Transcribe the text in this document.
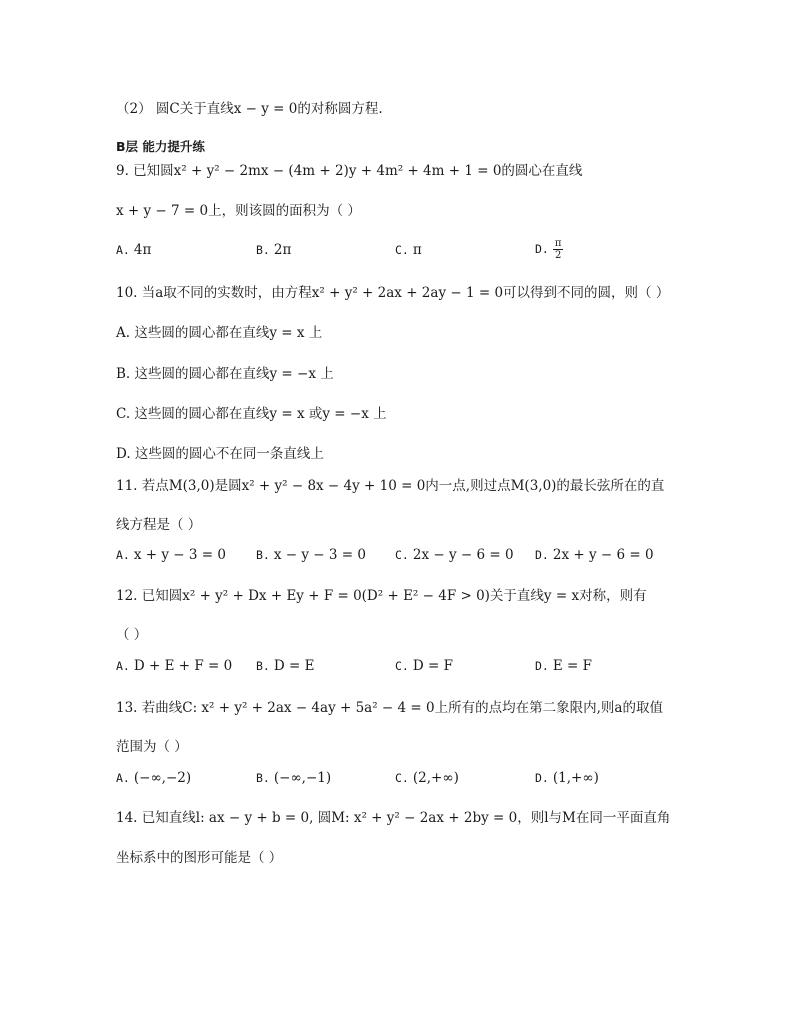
（2） 圆C关于直线x − y = 0的对称圆方程.
B层 能力提升练
9. 已知圆x² + y² − 2mx − (4m + 2)y + 4m² + 4m + 1 = 0的圆心在直线
x + y − 7 = 0上，则该圆的面积为（ ）
A. 4π	B. 2π	C. π	D. $\frac{\pi}{2}$
10. 当a取不同的实数时，由方程x² + y² + 2ax + 2ay − 1 = 0可以得到不同的圆，则（ ）
A. 这些圆的圆心都在直线y = x 上
B. 这些圆的圆心都在直线y = −x 上
C. 这些圆的圆心都在直线y = x 或y = −x 上
D. 这些圆的圆心不在同一条直线上
11. 若点M(3,0)是圆x² + y² − 8x − 4y + 10 = 0内一点,则过点M(3,0)的最长弦所在的直
线方程是（ ）
A. x + y − 3 = 0	B. x − y − 3 = 0	C. 2x − y − 6 = 0 D. 2x + y − 6 = 0
12. 已知圆x² + y² + Dx + Ey + F = 0(D² + E² − 4F > 0)关于直线y = x对称，则有
（ ）
A. D + E + F = 0 B. D = E	C. D = F	D. E = F
13. 若曲线C: x² + y² + 2ax − 4ay + 5a² − 4 = 0上所有的点均在第二象限内,则a的取值
范围为（ ）
A. (−∞,−2)	B. (−∞,−1)	C. (2,+∞)	D. (1,+∞)
14. 已知直线l: ax − y + b = 0, 圆M: x² + y² − 2ax + 2by = 0，则l与M在同一平面直角
坐标系中的图形可能是（ ）
